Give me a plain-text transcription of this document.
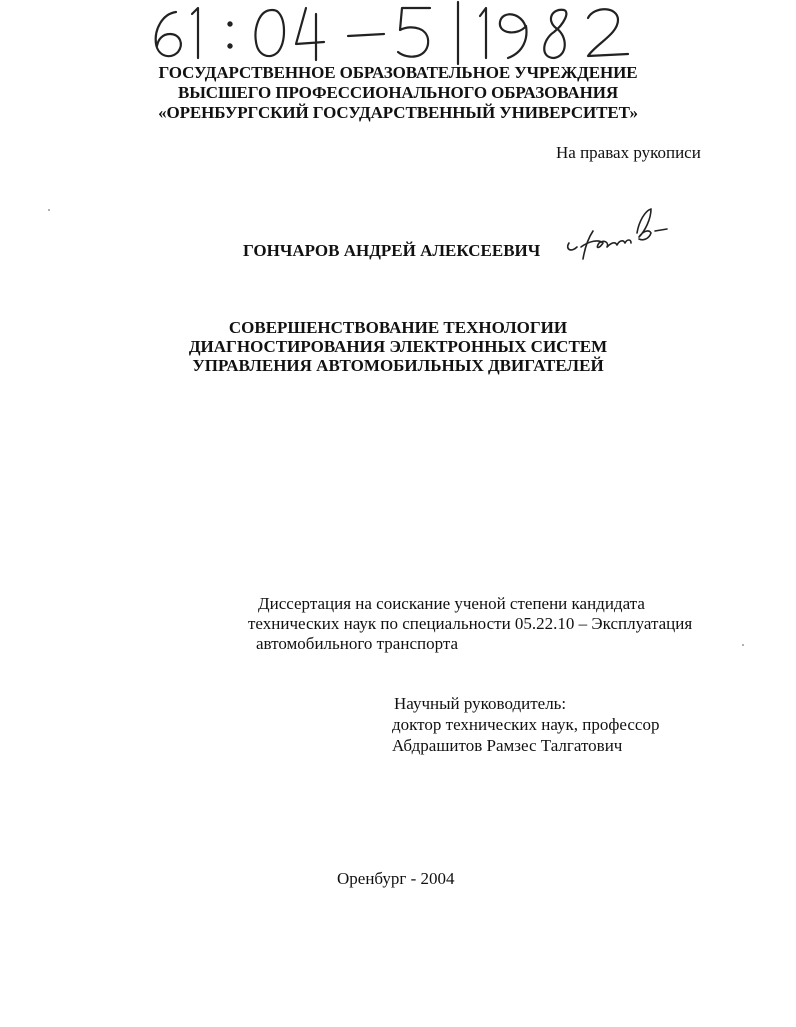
ГОСУДАРСТВЕННОЕ ОБРАЗОВАТЕЛЬНОЕ УЧРЕЖДЕНИЕ
ВЫСШЕГО ПРОФЕССИОНАЛЬНОГО ОБРАЗОВАНИЯ
«ОРЕНБУРГСКИЙ ГОСУДАРСТВЕННЫЙ УНИВЕРСИТЕТ»
На правах рукописи
ГОНЧАРОВ АНДРЕЙ АЛЕКСЕЕВИЧ
СОВЕРШЕНСТВОВАНИЕ ТЕХНОЛОГИИ
ДИАГНОСТИРОВАНИЯ ЭЛЕКТРОННЫХ СИСТЕМ
УПРАВЛЕНИЯ АВТОМОБИЛЬНЫХ ДВИГАТЕЛЕЙ
Диссертация на соискание ученой степени кандидата
технических наук по специальности 05.22.10 – Эксплуатация
автомобильного транспорта
Научный руководитель:
доктор технических наук, профессор
Абдрашитов Рамзес Талгатович
Оренбург - 2004
